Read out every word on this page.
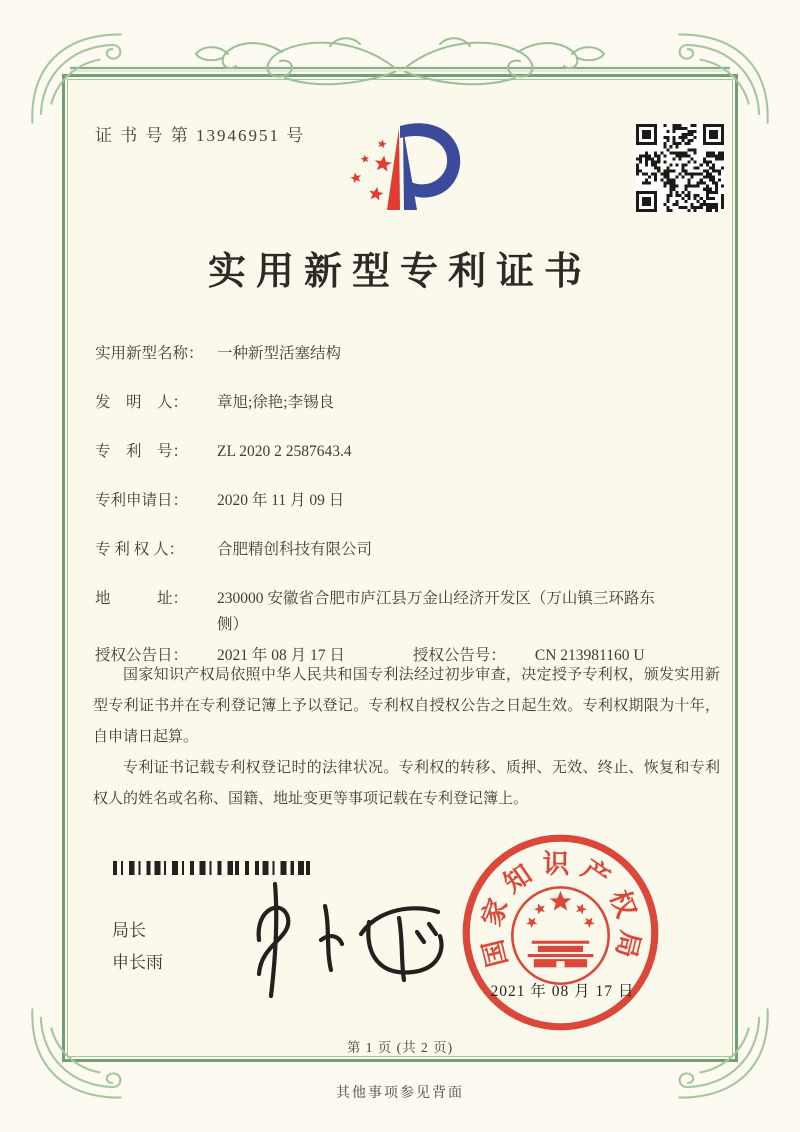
证 书 号 第 13946951 号
实用新型专利证书
实用新型名称： 一种新型活塞结构
发　明　人：	章旭;徐艳;李锡良
专　利　号：	ZL 2020 2 2587643.4
专利申请日：	2020 年 11 月 09 日
专 利 权 人：	合肥精创科技有限公司
地　　　址：	230000 安徽省合肥市庐江县万金山经济开发区（万山镇三环路东侧）
授权公告日：	2021 年 08 月 17 日	授权公告号：	CN 213981160 U

国家知识产权局依照中华人民共和国专利法经过初步审查，决定授予专利权，颁发实用新型专利证书并在专利登记簿上予以登记。专利权自授权公告之日起生效。专利权期限为十年，自申请日起算。

专利证书记载专利权登记时的法律状况。专利权的转移、质押、无效、终止、恢复和专利权人的姓名或名称、国籍、地址变更等事项记载在专利登记簿上。

局长
申长雨	国家知识产权局
2021 年 08 月 17 日
第 1 页 (共 2 页)
其他事项参见背面
